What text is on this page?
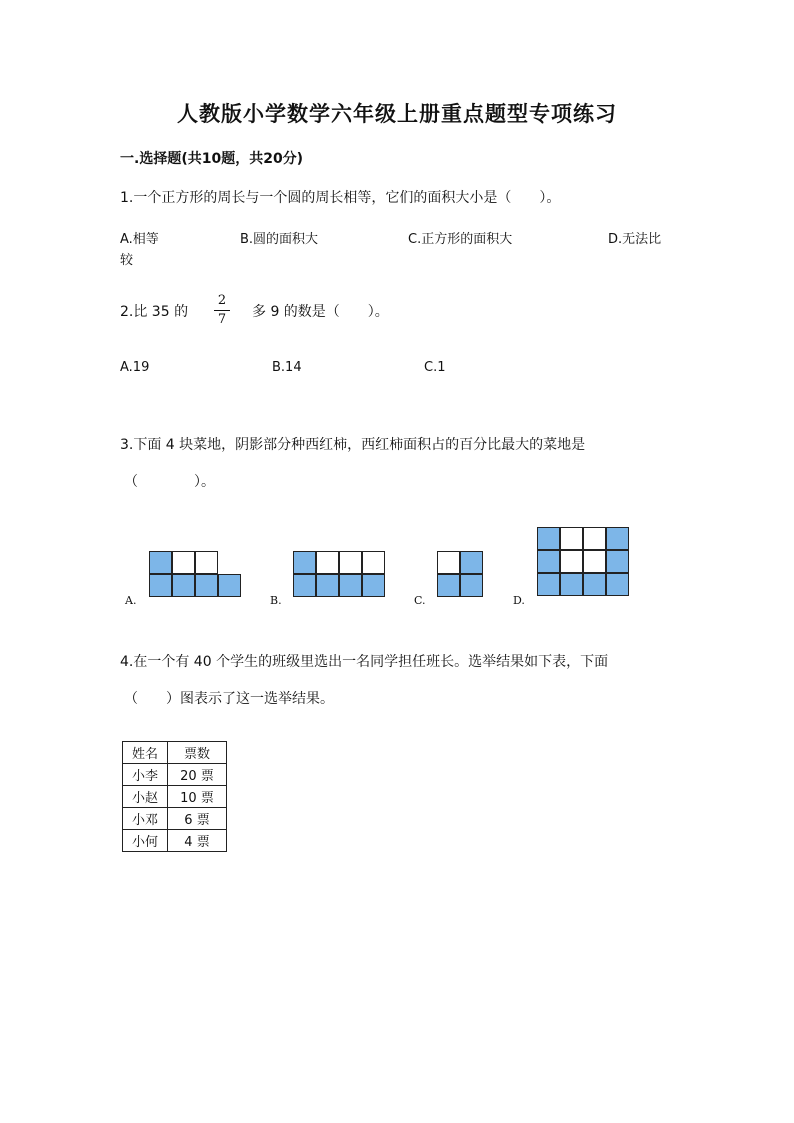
人教版小学数学六年级上册重点题型专项练习
一.选择题(共10题，共20分)
1.一个正方形的周长与一个圆的周长相等，它们的面积大小是（　　）。
A.相等	B.圆的面积大	C.正方形的面积大	D.无法比
较
2.比 35 的
2
7 多 9 的数是（　　）。
A.19	B.14	C.1
3.下面 4 块菜地，阴影部分种西红柿，西红柿面积占的百分比最大的菜地是
（　　　　）。
A.	B.	C.	D.
4.在一个有 40 个学生的班级里选出一名同学担任班长。选举结果如下表，下面
（　　）图表示了这一选举结果。
姓名	票数
小李	20 票
小赵	10 票
小邓	6 票
小何	4 票
